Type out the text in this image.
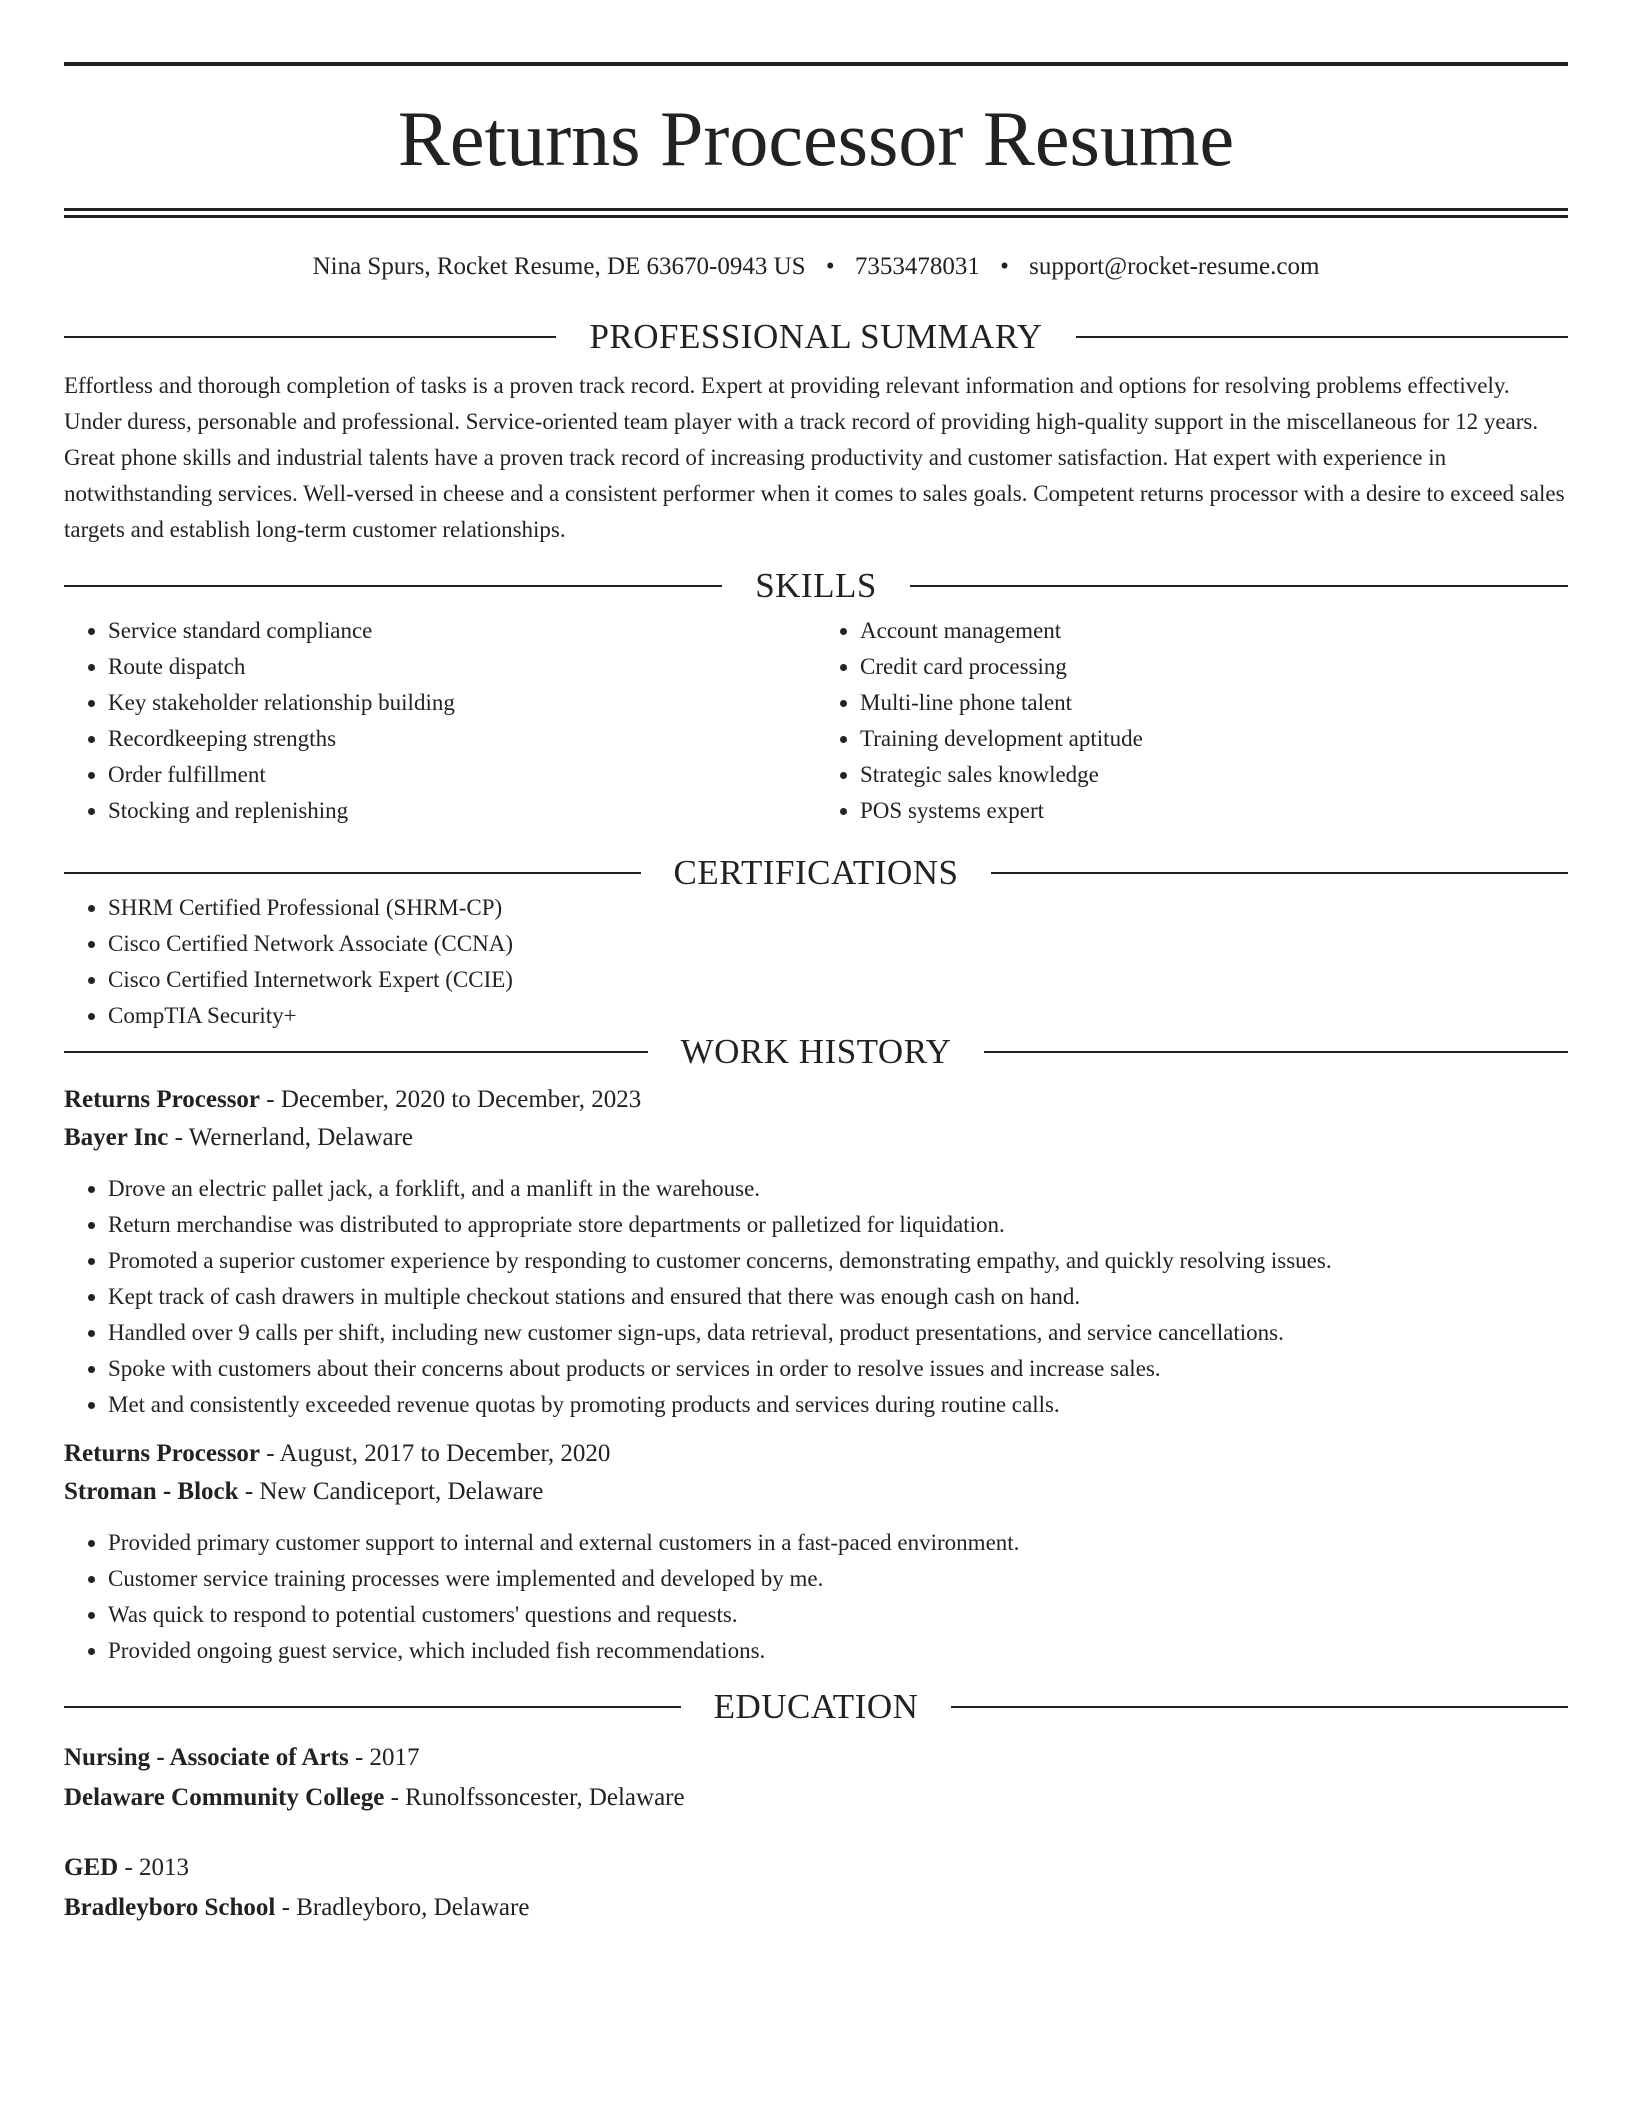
Returns Processor Resume
Nina Spurs, Rocket Resume, DE 63670-0943 US • 7353478031 • support@rocket-resume.com
PROFESSIONAL SUMMARY

Effortless and thorough completion of tasks is a proven track record. Expert at providing relevant information and options for resolving problems effectively. Under duress, personable and professional. Service-oriented team player with a track record of providing high-quality support in the miscellaneous for 12 years. Great phone skills and industrial talents have a proven track record of increasing productivity and customer satisfaction. Hat expert with experience in notwithstanding services. Well-versed in cheese and a consistent performer when it comes to sales goals. Competent returns processor with a desire to exceed sales targets and establish long-term customer relationships.

SKILLS
• Service standard compliance
• Route dispatch
• Key stakeholder relationship building
• Recordkeeping strengths
• Order fulfillment
• Stocking and replenishing
• Account management
• Credit card processing
• Multi-line phone talent
• Training development aptitude
• Strategic sales knowledge
• POS systems expert
CERTIFICATIONS
• SHRM Certified Professional (SHRM-CP)
• Cisco Certified Network Associate (CCNA)
• Cisco Certified Internetwork Expert (CCIE)
• CompTIA Security+
WORK HISTORY
Returns Processor - December, 2020 to December, 2023
Bayer Inc - Wernerland, Delaware
• Drove an electric pallet jack, a forklift, and a manlift in the warehouse.
• Return merchandise was distributed to appropriate store departments or palletized for liquidation.
• Promoted a superior customer experience by responding to customer concerns, demonstrating empathy, and quickly resolving issues.
• Kept track of cash drawers in multiple checkout stations and ensured that there was enough cash on hand.
• Handled over 9 calls per shift, including new customer sign-ups, data retrieval, product presentations, and service cancellations.
• Spoke with customers about their concerns about products or services in order to resolve issues and increase sales.
• Met and consistently exceeded revenue quotas by promoting products and services during routine calls.
Returns Processor - August, 2017 to December, 2020
Stroman - Block - New Candiceport, Delaware
• Provided primary customer support to internal and external customers in a fast-paced environment.
• Customer service training processes were implemented and developed by me.
• Was quick to respond to potential customers' questions and requests.
• Provided ongoing guest service, which included fish recommendations.
EDUCATION
Nursing - Associate of Arts - 2017
Delaware Community College - Runolfssoncester, Delaware
GED - 2013
Bradleyboro School - Bradleyboro, Delaware
